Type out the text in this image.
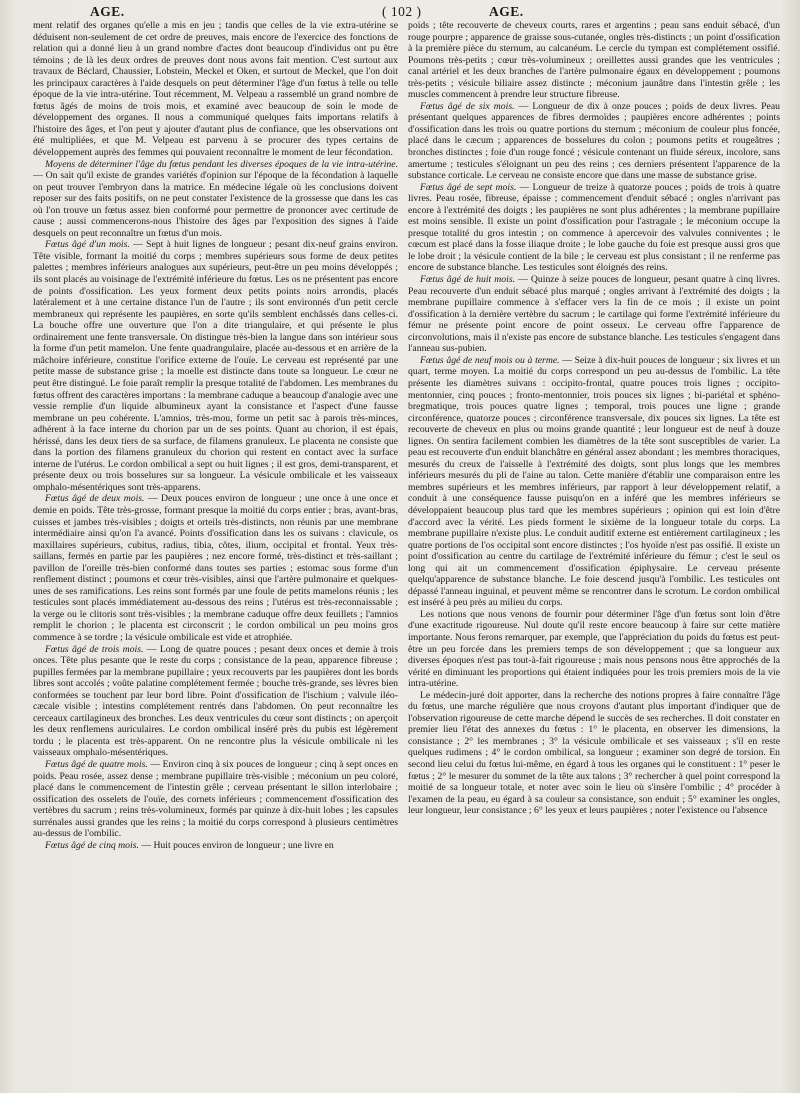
AGE.	( 102 )	AGE.

ment relatif des organes qu'elle a mis en jeu ; tandis que celles de la vie extra-utérine se déduisent non-seulement de cet ordre de preuves, mais encore de l'exercice des fonctions de relation qui a donné lieu à un grand nombre d'actes dont beaucoup d'individus ont pu être témoins ; de là les deux ordres de preuves dont nous avons fait mention. C'est surtout aux travaux de Béclard, Chaussier, Lobstein, Meckel et Oken, et surtout de Meckel, que l'on doit les principaux caractères à l'aide desquels on peut déterminer l'âge d'un fœtus à telle ou telle époque de la vie intra-utérine. Tout récemment, M. Velpeau a rassemblé un grand nombre de fœtus âgés de moins de trois mois, et examiné avec beaucoup de soin le mode de développement des organes. Il nous a communiqué quelques faits importans relatifs à l'histoire des âges, et l'on peut y ajouter d'autant plus de confiance, que les observations ont été multipliées, et que M. Velpeau est parvenu à se procurer des types certains de développement auprès des femmes qui pouvaient reconnaître le moment de leur fécondation.

Moyens de déterminer l'âge du fœtus pendant les diverses époques de la vie intra-utérine. — On sait qu'il existe de grandes variétés d'opinion sur l'époque de la fécondation à laquelle on peut trouver l'embryon dans la matrice. En médecine légale où les conclusions doivent reposer sur des faits positifs, on ne peut constater l'existence de la grossesse que dans les cas où l'on trouve un fœtus assez bien conformé pour permettre de prononcer avec certitude de cause ; aussi commencerons-nous l'histoire des âges par l'exposition des signes à l'aide desquels on peut reconnaître un fœtus d'un mois.

Fœtus âgé d'un mois. — Sept à huit lignes de longueur ; pesant dix-neuf grains environ. Tête visible, formant la moitié du corps ; membres supérieurs sous forme de deux petites palettes ; membres inférieurs analogues aux supérieurs, peut-être un peu moins développés ; ils sont placés au voisinage de l'extrémité inférieure du fœtus. Les os ne présentent pas encore de points d'ossification. Les yeux forment deux petits points noirs arrondis, placés latéralement et à une certaine distance l'un de l'autre ; ils sont environnés d'un petit cercle membraneux qui représente les paupières, en sorte qu'ils semblent enchâssés dans celles-ci. La bouche offre une ouverture que l'on a dite triangulaire, et qui présente le plus ordinairement une fente transversale. On distingue très-bien la langue dans son intérieur sous la forme d'un petit mamelon. Une fente quadrangulaire, placée au-dessous et en arrière de la mâchoire inférieure, constitue l'orifice externe de l'ouïe. Le cerveau est représenté par une petite masse de substance grise ; la moelle est distincte dans toute sa longueur. Le cœur ne peut être distingué. Le foie paraît remplir la presque totalité de l'abdomen. Les membranes du fœtus offrent des caractères importans : la membrane caduque a beaucoup d'analogie avec une vessie remplie d'un liquide albumineux ayant la consistance et l'aspect d'une fausse membrane un peu cohérente. L'amnios, très-mou, forme un petit sac à parois très-minces, adhérent à la face interne du chorion par un de ses points. Quant au chorion, il est épais, hérissé, dans les deux tiers de sa surface, de filamens granuleux. Le placenta ne consiste que dans la portion des filamens granuleux du chorion qui restent en contact avec la surface interne de l'utérus. Le cordon ombilical a sept ou huit lignes ; il est gros, demi-transparent, et présente deux ou trois bosselures sur sa longueur. La vésicule ombilicale et les vaisseaux omphalo-mésentériques sont très-apparens.

Fœtus âgé de deux mois. — Deux pouces environ de longueur ; une once à une once et demie en poids. Tête très-grosse, formant presque la moitié du corps entier ; bras, avant-bras, cuisses et jambes très-visibles ; doigts et orteils très-distincts, non réunis par une membrane intermédiaire ainsi qu'on l'a avancé. Points d'ossification dans les os suivans : clavicule, os maxillaires supérieurs, cubitus, radius, tibia, côtes, ilium, occipital et frontal. Yeux très-saillans, fermés en partie par les paupières ; nez encore formé, très-distinct et très-saillant ; pavillon de l'oreille très-bien conformé dans toutes ses parties ; estomac sous forme d'un renflement distinct ; poumons et cœur très-visibles, ainsi que l'artère pulmonaire et quelques-unes de ses ramifications. Les reins sont formés par une foule de petits mamelons réunis ; les testicules sont placés immédiatement au-dessous des reins ; l'utérus est très-reconnaissable ; la verge ou le clitoris sont très-visibles ; la membrane caduque offre deux feuillets ; l'amnios remplit le chorion ; le placenta est circonscrit ; le cordon ombilical un peu moins gros commence à se tordre ; la vésicule ombilicale est vide et atrophiée.

Fœtus âgé de trois mois. — Long de quatre pouces ; pesant deux onces et demie à trois onces. Tête plus pesante que le reste du corps ; consistance de la peau, apparence fibreuse ; pupilles fermées par la membrane pupillaire ; yeux recouverts par les paupières dont les bords libres sont accolés ; voûte palatine complétement fermée ; bouche très-grande, ses lèvres bien conformées se touchent par leur bord libre. Point d'ossification de l'ischium ; valvule iléo-cæcale visible ; intestins complétement rentrés dans l'abdomen. On peut reconnaître les cerceaux cartilagineux des bronches. Les deux ventricules du cœur sont distincts ; on aperçoit les deux renflemens auriculaires. Le cordon ombilical inséré près du pubis est légèrement tordu ; le placenta est très-apparent. On ne rencontre plus la vésicule ombilicale ni les vaisseaux omphalo-mésentériques.

Fœtus âgé de quatre mois. — Environ cinq à six pouces de longueur ; cinq à sept onces en poids. Peau rosée, assez dense ; membrane pupillaire très-visible ; méconium un peu coloré, placé dans le commencement de l'intestin grêle ; cerveau présentant le sillon interlobaire ; ossification des osselets de l'ouïe, des cornets inférieurs ; commencement d'ossification des vertèbres du sacrum ; reins très-volumineux, formés par quinze à dix-huit lobes ; les capsules surrénales aussi grandes que les reins ; la moitié du corps correspond à plusieurs centimètres au-dessus de l'ombilic.

Fœtus âgé de cinq mois. — Huit pouces environ de longueur ; une livre en

poids ; tête recouverte de cheveux courts, rares et argentins ; peau sans enduit sébacé, d'un rouge pourpre ; apparence de graisse sous-cutanée, ongles très-distincts ; un point d'ossification à la première pièce du sternum, au calcanéum. Le cercle du tympan est complétement ossifié. Poumons très-petits ; cœur très-volumineux ; oreillettes aussi grandes que les ventricules ; canal artériel et les deux branches de l'artère pulmonaire égaux en développement ; poumons très-petits ; vésicule biliaire assez distincte ; méconium jaunâtre dans l'intestin grêle ; les muscles commencent à prendre leur structure fibreuse.

Fœtus âgé de six mois. — Longueur de dix à onze pouces ; poids de deux livres. Peau présentant quelques apparences de fibres dermoïdes ; paupières encore adhérentes ; points d'ossification dans les trois ou quatre portions du sternum ; méconium de couleur plus foncée, placé dans le cæcum ; apparences de bosselures du colon ; poumons petits et rougeâtres ; bronches distinctes ; foie d'un rouge foncé ; vésicule contenant un fluide séreux, incolore, sans amertume ; testicules s'éloignant un peu des reins ; ces derniers présentent l'apparence de la substance corticale. Le cerveau ne consiste encore que dans une masse de substance grise.

Fœtus âgé de sept mois. — Longueur de treize à quatorze pouces ; poids de trois à quatre livres. Peau rosée, fibreuse, épaisse ; commencement d'enduit sébacé ; ongles n'arrivant pas encore à l'extrémité des doigts ; les paupières ne sont plus adhérentes ; la membrane pupillaire est moins sensible. Il existe un point d'ossification pour l'astragale ; le méconium occupe la presque totalité du gros intestin ; on commence à apercevoir des valvules conniventes ; le cœcum est placé dans la fosse iliaque droite ; le lobe gauche du foie est presque aussi gros que le lobe droit ; la vésicule contient de la bile ; le cerveau est plus consistant ; il ne renferme pas encore de substance blanche. Les testicules sont éloignés des reins.

Fœtus âgé de huit mois. — Quinze à seize pouces de longueur, pesant quatre à cinq livres. Peau recouverte d'un enduit sébacé plus marqué ; ongles arrivant à l'extrémité des doigts ; la membrane pupillaire commence à s'effacer vers la fin de ce mois ; il existe un point d'ossification à la dernière vertèbre du sacrum ; le cartilage qui forme l'extrémité inférieure du fémur ne présente point encore de point osseux. Le cerveau offre l'apparence de circonvolutions, mais il n'existe pas encore de substance blanche. Les testicules s'engagent dans l'anneau sus-pubien.

Fœtus âgé de neuf mois ou à terme. — Seize à dix-huit pouces de longueur ; six livres et un quart, terme moyen. La moitié du corps correspond un peu au-dessus de l'ombilic. La tête présente les diamètres suivans : occipito-frontal, quatre pouces trois lignes ; occipito-mentonnier, cinq pouces ; fronto-mentonnier, trois pouces six lignes ; bi-pariétal et sphéno-bregmatique, trois pouces quatre lignes ; temporal, trois pouces une ligne ; grande circonférence, quatorze pouces ; circonférence transversale, dix pouces six lignes. La tête est recouverte de cheveux en plus ou moins grande quantité ; leur longueur est de neuf à douze lignes. On sentira facilement combien les diamètres de la tête sont susceptibles de varier. La peau est recouverte d'un enduit blanchâtre en général assez abondant ; les membres thoraciques, mesurés du creux de l'aisselle à l'extrémité des doigts, sont plus longs que les membres inférieurs mesurés du pli de l'aine au talon. Cette manière d'établir une comparaison entre les membres supérieurs et les membres inférieurs, par rapport à leur développement relatif, a conduit à une conséquence fausse puisqu'on en a inféré que les membres inférieurs se développaient beaucoup plus tard que les membres supérieurs ; opinion qui est loin d'être d'accord avec la vérité. Les pieds forment le sixième de la longueur totale du corps. La membrane pupillaire n'existe plus. Le conduit auditif externe est entièrement cartilagineux ; les quatre portions de l'os occipital sont encore distinctes ; l'os hyoïde n'est pas ossifié. Il existe un point d'ossification au centre du cartilage de l'extrémité inférieure du fémur ; c'est le seul os long qui ait un commencement d'ossification épiphysaire. Le cerveau présente quelqu'apparence de substance blanche. Le foie descend jusqu'à l'ombilic. Les testicules ont dépassé l'anneau inguinal, et peuvent même se rencontrer dans le scrotum. Le cordon ombilical est inséré à peu près au milieu du corps.

Les notions que nous venons de fournir pour déterminer l'âge d'un fœtus sont loin d'être d'une exactitude rigoureuse. Nul doute qu'il reste encore beaucoup à faire sur cette matière importante. Nous ferons remarquer, par exemple, que l'appréciation du poids du fœtus est peut-être un peu forcée dans les premiers temps de son développement ; que sa longueur aux diverses époques n'est pas tout-à-fait rigoureuse ; mais nous pensons nous être approchés de la vérité en diminuant les proportions qui étaient indiquées pour les trois premiers mois de la vie intra-utérine.

Le médecin-juré doit apporter, dans la recherche des notions propres à faire connaître l'âge du fœtus, une marche régulière que nous croyons d'autant plus important d'indiquer que de l'observation rigoureuse de cette marche dépend le succès de ses recherches. Il doit constater en premier lieu l'état des annexes du fœtus : 1° le placenta, en observer les dimensions, la consistance ; 2° les membranes ; 3° la vésicule ombilicale et ses vaisseaux ; s'il en reste quelques rudimens ; 4° le cordon ombilical, sa longueur ; examiner son degré de torsion. En second lieu celui du fœtus lui-même, en égard à tous les organes qui le constituent : 1° peser le fœtus ; 2° le mesurer du sommet de la tête aux talons ; 3° rechercher à quel point correspond la moitié de sa longueur totale, et noter avec soin le lieu où s'insère l'ombilic ; 4° procéder à l'examen de la peau, eu égard à sa couleur sa consistance, son enduit ; 5° examiner les ongles, leur longueur, leur consistance ; 6° les yeux et leurs paupières ; noter l'existence ou l'absence
